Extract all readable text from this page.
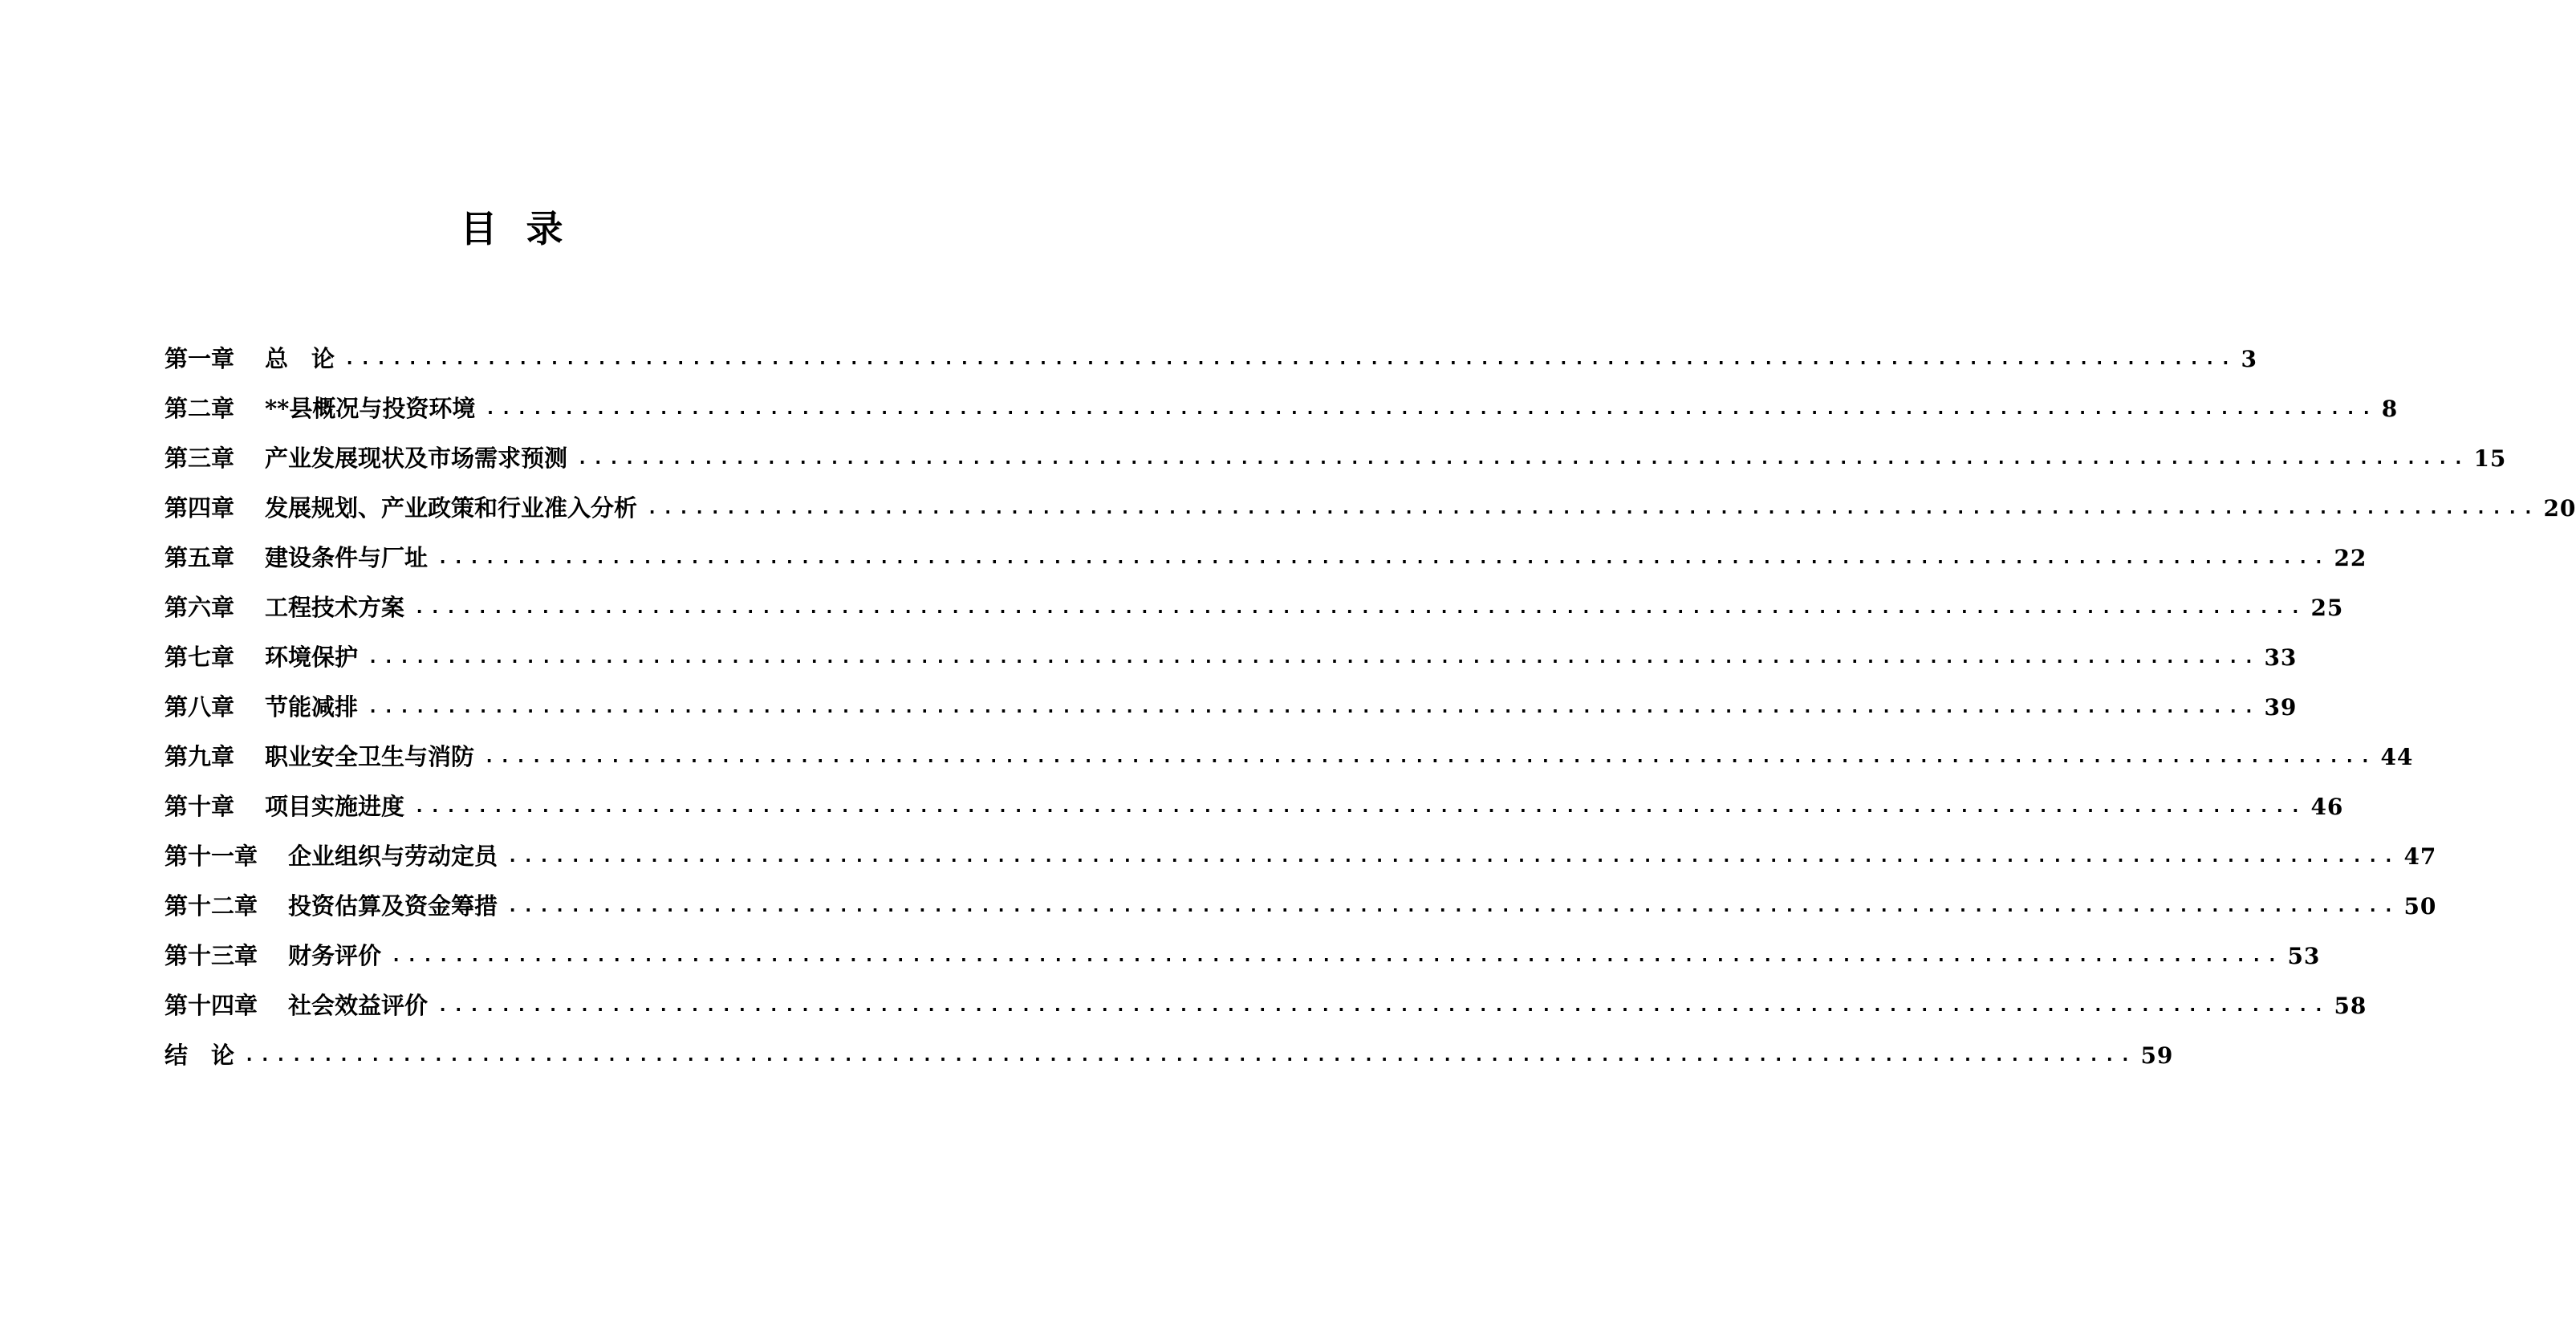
目 录
第一章 总　论 ........................................................................................................................ 3
第二章 **县概况与投资环境 ........................................................................................................................ 8
第三章 产业发展现状及市场需求预测 ........................................................................................................................ 15
第四章 发展规划、产业政策和行业准入分析 ........................................................................................................................ 20
第五章 建设条件与厂址 ........................................................................................................................ 22
第六章 工程技术方案 ........................................................................................................................ 25
第七章 环境保护 ........................................................................................................................ 33
第八章 节能减排 ........................................................................................................................ 39
第九章 职业安全卫生与消防 ........................................................................................................................ 44
第十章 项目实施进度 ........................................................................................................................ 46
第十一章 企业组织与劳动定员 ........................................................................................................................ 47
第十二章 投资估算及资金筹措 ........................................................................................................................ 50
第十三章 财务评价 ........................................................................................................................ 53
第十四章 社会效益评价 ........................................................................................................................ 58
结　论 ........................................................................................................................ 59
